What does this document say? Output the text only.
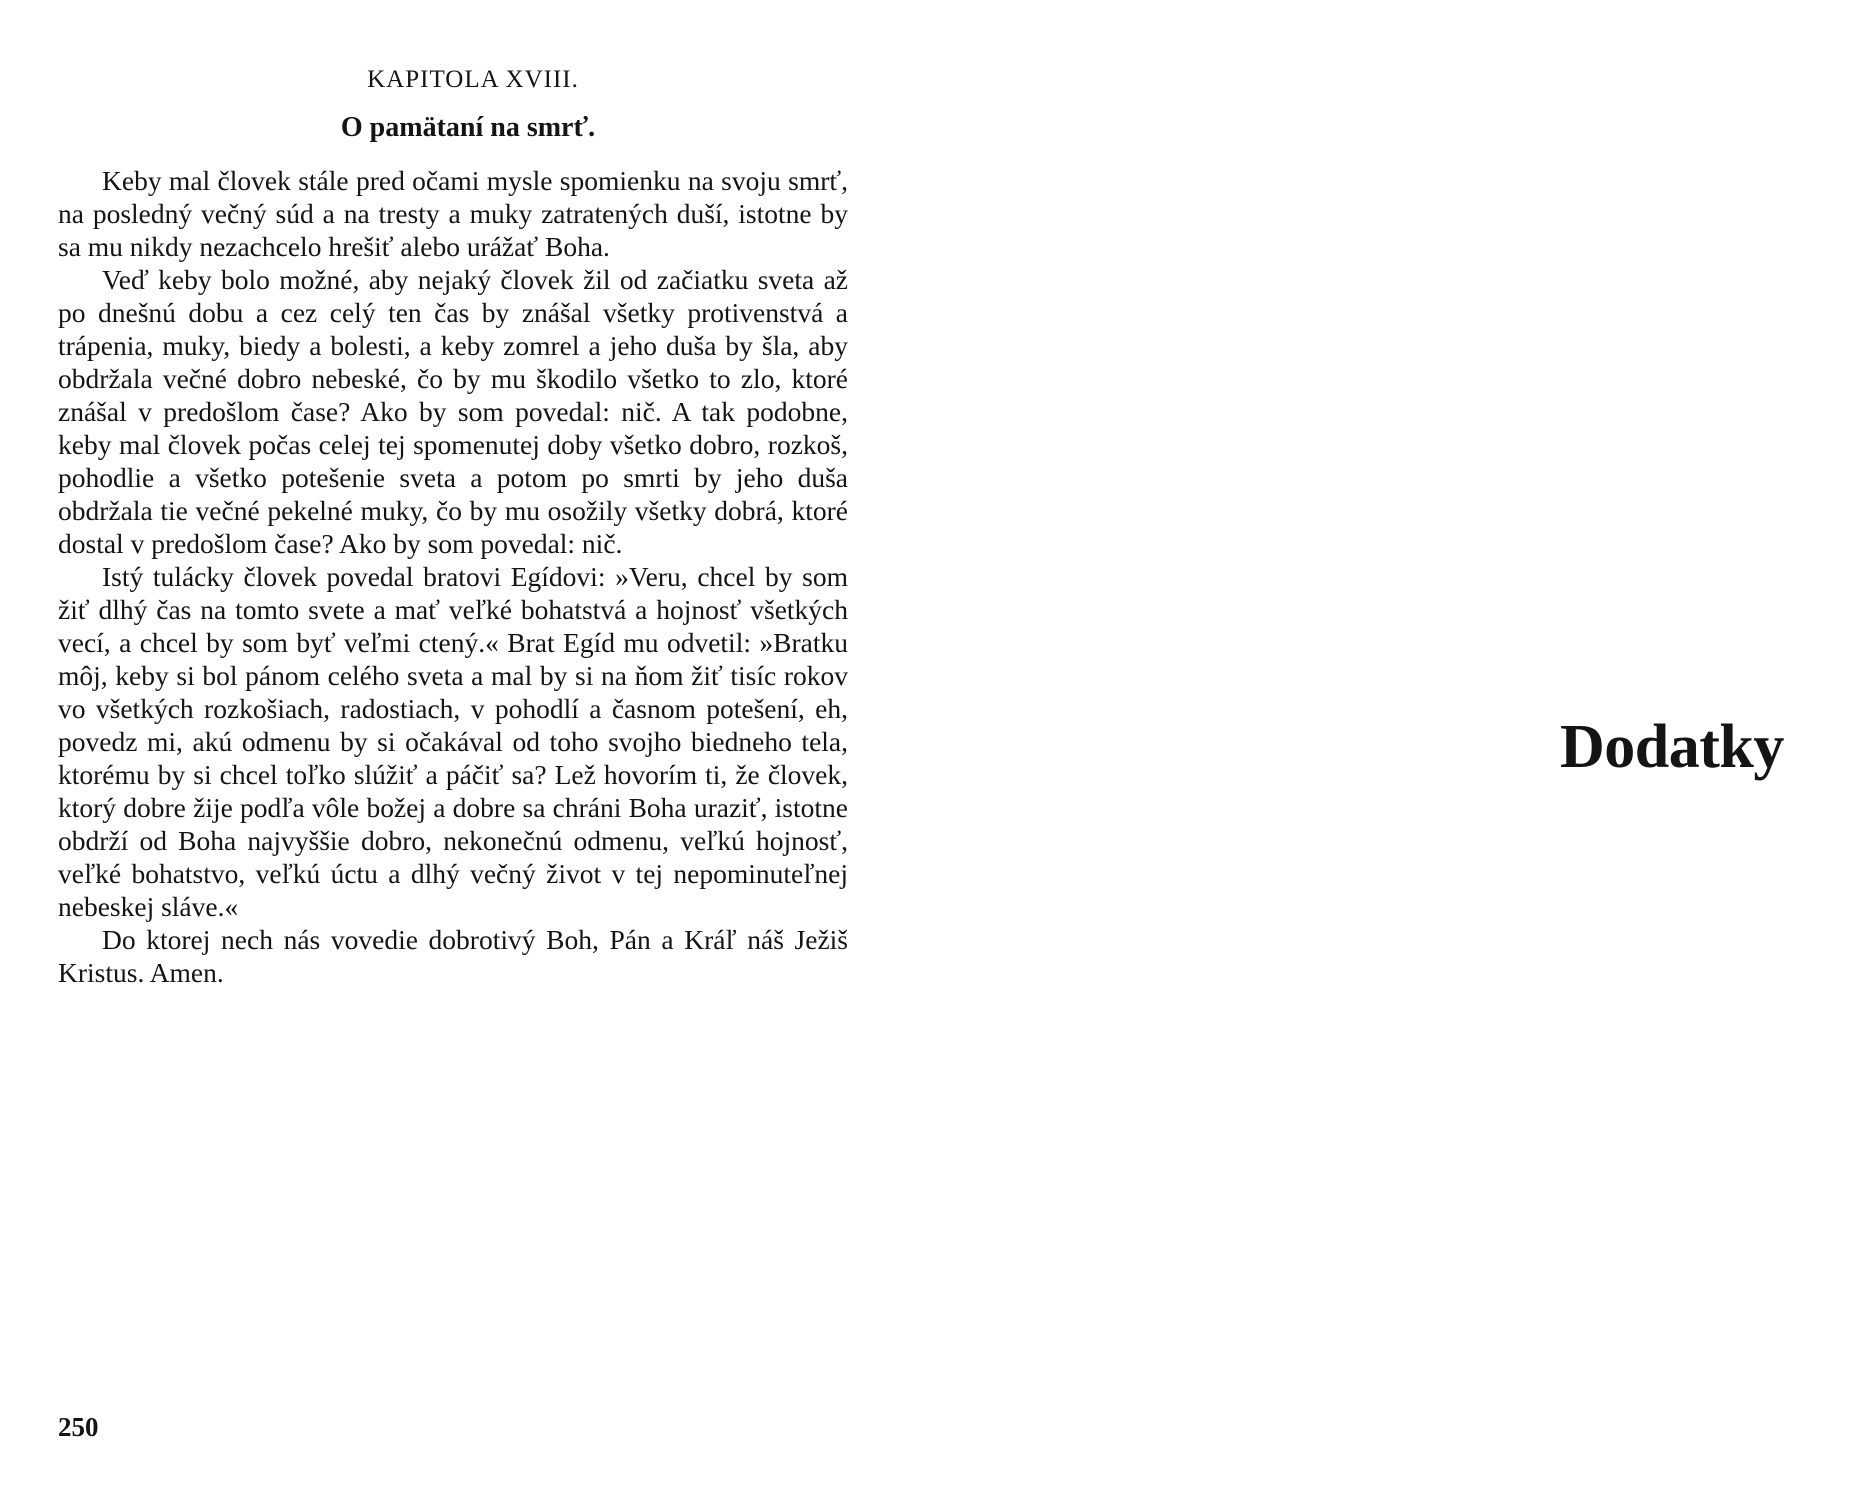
KAPITOLA XVIII.
O pamätaní na smrť.

Keby mal človek stále pred očami mysle spomienku na svoju smrť, na posledný večný súd a na tresty a muky zatratených duší, istotne by sa mu nikdy nezachcelo hrešiť alebo urážať Boha.

Veď keby bolo možné, aby nejaký človek žil od začiatku sveta až po dnešnú dobu a cez celý ten čas by znášal všetky protivenstvá a trápenia, muky, biedy a bolesti, a keby zomrel a jeho duša by šla, aby obdržala večné dobro nebeské, čo by mu škodilo všetko to zlo, ktoré znášal v predošlom čase? Ako by som povedal: nič. A tak podobne, keby mal človek počas celej tej spomenutej doby všetko dobro, rozkoš, pohodlie a všetko potešenie sveta a potom po smrti by jeho duša obdržala tie večné pekelné muky, čo by mu osožily všetky dobrá, ktoré dostal v predošlom čase? Ako by som povedal: nič.

Istý tulácky človek povedal bratovi Egídovi: »Veru, chcel by som žiť dlhý čas na tomto svete a mať veľké bohatstvá a hojnosť všetkých vecí, a chcel by som byť veľmi ctený.« Brat Egíd mu odvetil: »Bratku môj, keby si bol pánom celého sveta a mal by si na ňom žiť tisíc rokov vo všetkých rozkošiach, radostiach, v pohodlí a časnom potešení, eh, povedz mi, akú odmenu by si očakával od toho svojho biedneho tela, ktorému by si chcel toľko slúžiť a páčiť sa? Lež hovorím ti, že človek, ktorý dobre žije podľa vôle božej a dobre sa chráni Boha uraziť, istotne obdrží od Boha najvyššie dobro, nekonečnú odmenu, veľkú hojnosť, veľké bohatstvo, veľkú úctu a dlhý večný život v tej nepominuteľnej nebeskej sláve.«

Do ktorej nech nás vovedie dobrotivý Boh, Pán a Kráľ náš Ježiš Kristus. Amen.

250
Dodatky
